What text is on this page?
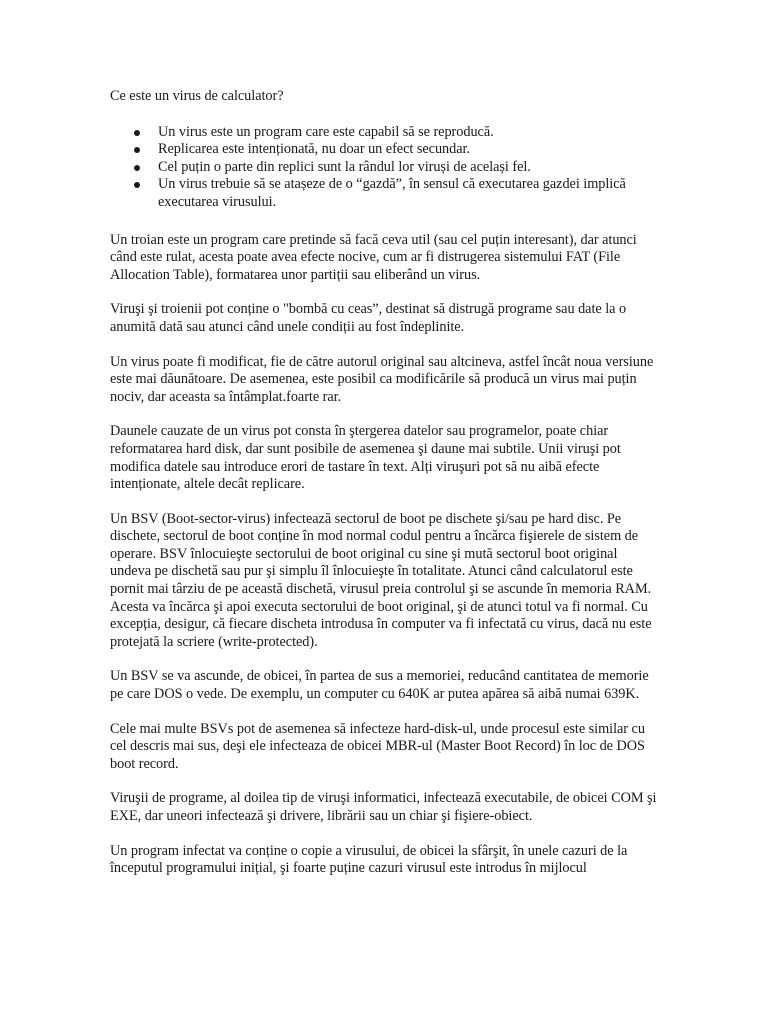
Ce este un virus de calculator?
Un virus este un program care este capabil să se reproducă.
Replicarea este intenționată, nu doar un efect secundar.
Cel puțin o parte din replici sunt la rândul lor viruși de același fel.
Un virus trebuie să se atașeze de o “gazdă”, în sensul că executarea gazdei implică executarea virusului.

Un troian este un program care pretinde să facă ceva util (sau cel puțin interesant), dar atunci când este rulat, acesta poate avea efecte nocive, cum ar fi distrugerea sistemului FAT (File Allocation Table), formatarea unor partiții sau eliberând un virus.

Viruşi şi troienii pot conține o "bombă cu ceas”, destinat să distrugă programe sau date la o anumită dată sau atunci când unele condiții au fost îndeplinite.

Un virus poate fi modificat, fie de către autorul original sau altcineva, astfel încât noua versiune este mai dăunătoare. De asemenea, este posibil ca modificările să producă un virus mai puțin nociv, dar aceasta sa întâmplat.foarte rar.

Daunele cauzate de un virus pot consta în ştergerea datelor sau programelor, poate chiar reformatarea hard disk, dar sunt posibile de asemenea şi daune mai subtile. Unii viruşi pot modifica datele sau introduce erori de tastare în text. Alți viruşuri pot să nu aibă efecte intenționate, altele decât replicare.

Un BSV (Boot-sector-virus) infectează sectorul de boot pe dischete şi/sau pe hard disc. Pe dischete, sectorul de boot conține în mod normal codul pentru a încărca fişierele de sistem de operare. BSV înlocuieşte sectorului de boot original cu sine şi mută sectorul boot original undeva pe dischetă sau pur şi simplu îl înlocuieşte în totalitate. Atunci când calculatorul este pornit mai târziu de pe această dischetă, virusul preia controlul şi se ascunde în memoria RAM. Acesta va încărca şi apoi executa sectorului de boot original, şi de atunci totul va fi normal. Cu excepția, desigur, că fiecare discheta introdusa în computer va fi infectată cu virus, dacă nu este protejată la scriere (write-protected).

Un BSV se va ascunde, de obicei, în partea de sus a memoriei, reducând cantitatea de memorie pe care DOS o vede. De exemplu, un computer cu 640K ar putea apărea să aibă numai 639K.

Cele mai multe BSVs pot de asemenea să infecteze hard-disk-ul, unde procesul este similar cu cel descris mai sus, deşi ele infecteaza de obicei MBR-ul (Master Boot Record) în loc de DOS boot record.

Viruşii de programe, al doilea tip de viruşi informatici, infectează executabile, de obicei COM şi EXE, dar uneori infectează şi drivere, librării sau un chiar şi fişiere-obiect.

Un program infectat va conține o copie a virusului, de obicei la sfârşit, în unele cazuri de la începutul programului inițial, şi foarte puține cazuri virusul este introdus în mijlocul
